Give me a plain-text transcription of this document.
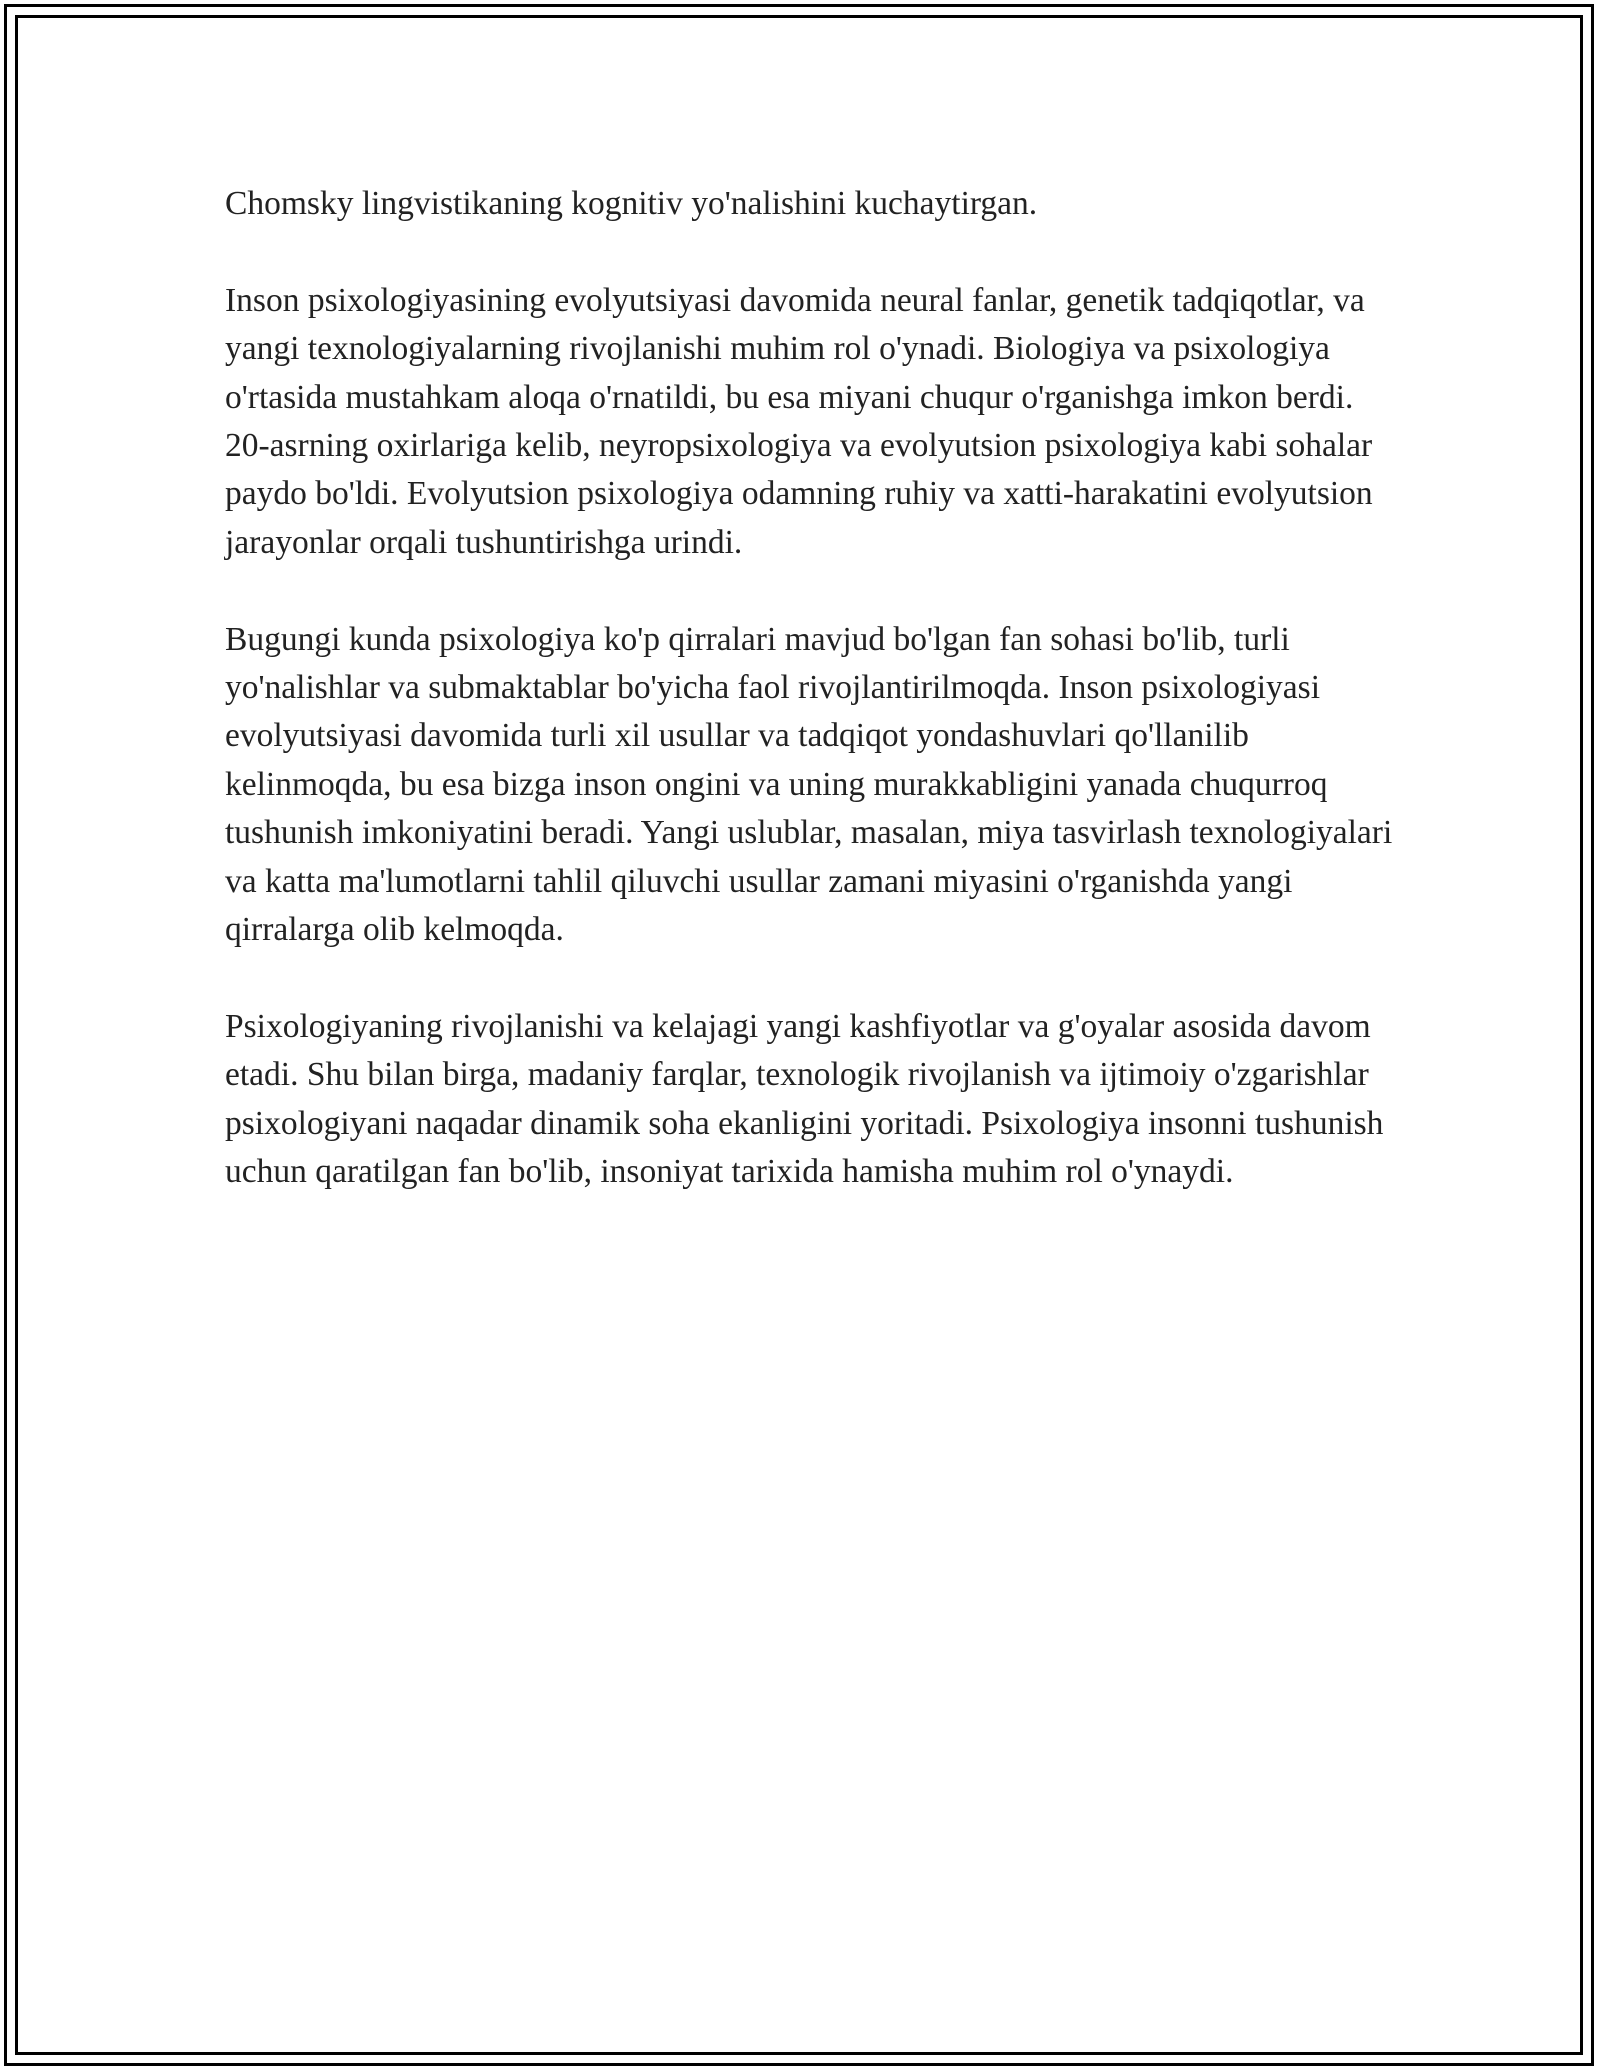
Chomsky lingvistikaning kognitiv yo'nalishini kuchaytirgan.

Inson psixologiyasining evolyutsiyasi davomida neural fanlar, genetik tadqiqotlar, va yangi texnologiyalarning rivojlanishi muhim rol o'ynadi. Biologiya va psixologiya o'rtasida mustahkam aloqa o'rnatildi, bu esa miyani chuqur o'rganishga imkon berdi. 20-asrning oxirlariga kelib, neyropsixologiya va evolyutsion psixologiya kabi sohalar paydo bo'ldi. Evolyutsion psixologiya odamning ruhiy va xatti-harakatini evolyutsion jarayonlar orqali tushuntirishga urindi.

Bugungi kunda psixologiya ko'p qirralari mavjud bo'lgan fan sohasi bo'lib, turli yo'nalishlar va submaktablar bo'yicha faol rivojlantirilmoqda. Inson psixologiyasi evolyutsiyasi davomida turli xil usullar va tadqiqot yondashuvlari qo'llanilib kelinmoqda, bu esa bizga inson ongini va uning murakkabligini yanada chuqurroq tushunish imkoniyatini beradi. Yangi uslublar, masalan, miya tasvirlash texnologiyalari va katta ma'lumotlarni tahlil qiluvchi usullar zamani miyasini o'rganishda yangi qirralarga olib kelmoqda.

Psixologiyaning rivojlanishi va kelajagi yangi kashfiyotlar va g'oyalar asosida davom etadi. Shu bilan birga, madaniy farqlar, texnologik rivojlanish va ijtimoiy o'zgarishlar psixologiyani naqadar dinamik soha ekanligini yoritadi. Psixologiya insonni tushunish uchun qaratilgan fan bo'lib, insoniyat tarixida hamisha muhim rol o'ynaydi.
